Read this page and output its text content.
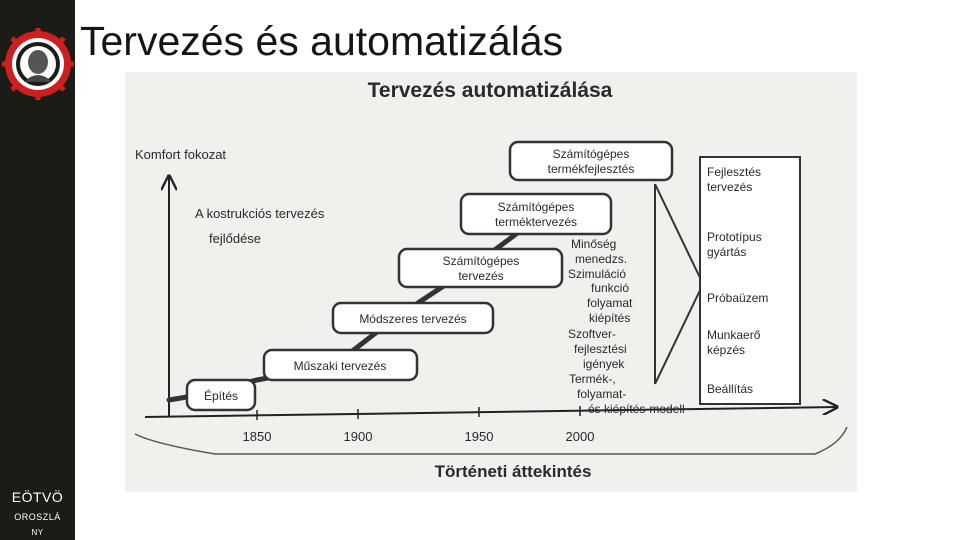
EÖTVÖ
OROSZLÁ
NY
Tervezés és automatizálás
Tervezés automatizálása
Komfort fokozat
1850	1900	1950	2000
Történeti áttekintés
A kostrukciós tervezés
fejlődése
Építés
Műszaki tervezés
Módszeres tervezés
Számítógépes
tervezés
Számítógépes
terméktervezés
Számítógépes
termékfejlesztés
Minőség
menedzs.
Szimuláció
funkció
folyamat
kiépítés
Szoftver-
fejlesztési
igények
Termék-,
folyamat-
és kiépítés-modell
Fejlesztés
tervezés
Prototípus
gyártás
Próbaüzem
Munkaerő
képzés
Beállítás
